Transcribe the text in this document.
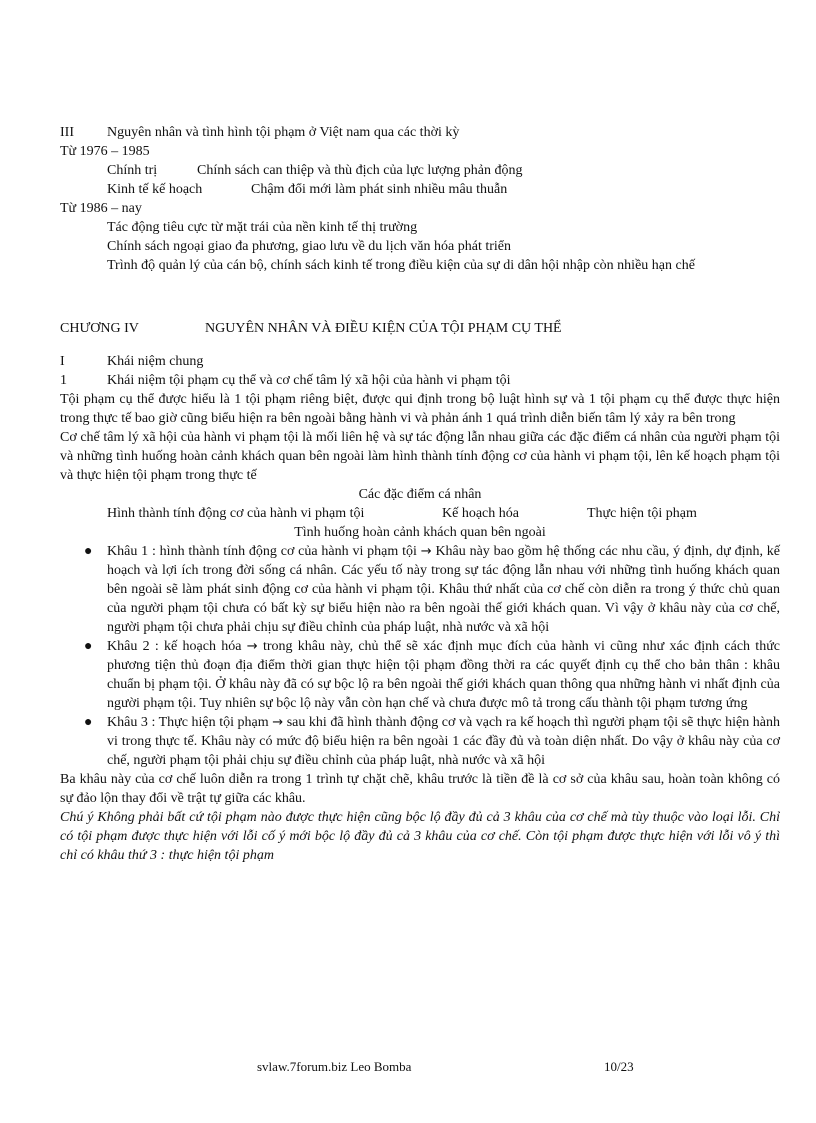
III	Nguyên nhân và tình hình tội phạm ở Việt nam qua các thời kỳ
Từ 1976 – 1985
Chính trị	Chính sách can thiệp và thù địch của lực lượng phản động
Kinh tế kế hoạch	Chậm đổi mới làm phát sinh nhiều mâu thuẫn
Từ 1986 – nay
Tác động tiêu cực từ mặt trái của nền kinh tế thị trường
Chính sách ngoại giao đa phương, giao lưu về du lịch văn hóa phát triển
Trình độ quản lý của cán bộ, chính sách kinh tế trong điều kiện của sự di dân hội nhập còn nhiều hạn chế
CHƯƠNG IV	NGUYÊN NHÂN VÀ ĐIỀU KIỆN CỦA TỘI PHẠM CỤ THỂ
I	Khái niệm chung
1	Khái niệm tội phạm cụ thể và cơ chế tâm lý xã hội của hành vi phạm tội
Tội phạm cụ thể được hiểu là 1 tội phạm riêng biệt, được qui định trong bộ luật hình sự và 1 tội phạm cụ thể được thực hiện trong thực tế bao giờ cũng biểu hiện ra bên ngoài bằng hành vi và phản ánh 1 quá trình diễn biến tâm lý xảy ra bên trong
Cơ chế tâm lý xã hội của hành vi phạm tội là mối liên hệ và sự tác động lẫn nhau giữa các đặc điểm cá nhân của người phạm tội và những tình huống hoàn cảnh khách quan bên ngoài làm hình thành tính động cơ của hành vi phạm tội, lên kế hoạch phạm tội và thực hiện tội phạm trong thực tế
Các đặc điểm cá nhân
Hình thành tính động cơ của hành vi phạm tội	Kế hoạch hóa	Thực hiện tội phạm
Tình huống hoàn cảnh khách quan bên ngoài
● Khâu 1 : hình thành tính động cơ của hành vi phạm tội → Khâu này bao gồm hệ thống các nhu cầu, ý định, dự định, kế hoạch và lợi ích trong đời sống cá nhân. Các yếu tố này trong sự tác động lẫn nhau với những tình huống khách quan bên ngoài sẽ làm phát sinh động cơ của hành vi phạm tội. Khâu thứ nhất của cơ chế còn diễn ra trong ý thức chủ quan của người phạm tội chưa có bất kỳ sự biểu hiện nào ra bên ngoài thế giới khách quan. Vì vậy ở khâu này của cơ chế, người phạm tội chưa phải chịu sự điều chỉnh của pháp luật, nhà nước và xã hội
● Khâu 2 : kế hoạch hóa → trong khâu này, chủ thể sẽ xác định mục đích của hành vi cũng như xác định cách thức phương tiện thủ đoạn địa điểm thời gian thực hiện tội phạm đồng thời ra các quyết định cụ thể cho bản thân : khâu chuẩn bị phạm tội. Ở khâu này đã có sự bộc lộ ra bên ngoài thế giới khách quan thông qua những hành vi nhất định của người phạm tội. Tuy nhiên sự bộc lộ này vẫn còn hạn chế và chưa được mô tả trong cấu thành tội phạm tương ứng
● Khâu 3 : Thực hiện tội phạm → sau khi đã hình thành động cơ và vạch ra kế hoạch thì người phạm tội sẽ thực hiện hành vi trong thực tế. Khâu này có mức độ biểu hiện ra bên ngoài 1 các đầy đủ và toàn diện nhất. Do vậy ở khâu này của cơ chế, người phạm tội phải chịu sự điều chỉnh của pháp luật, nhà nước và xã hội
Ba khâu này của cơ chế luôn diễn ra trong 1 trình tự chặt chẽ, khâu trước là tiền đề là cơ sở của khâu sau, hoàn toàn không có sự đảo lộn thay đổi về trật tự giữa các khâu.
Chú ý Không phải bất cứ tội phạm nào được thực hiện cũng bộc lộ đầy đủ cả 3 khâu của cơ chế mà tùy thuộc vào loại lỗi. Chỉ có tội phạm được thực hiện với lỗi cố ý mới bộc lộ đầy đủ cả 3 khâu của cơ chế. Còn tội phạm được thực hiện với lỗi vô ý thì chỉ có khâu thứ 3 : thực hiện tội phạm
svlaw.7forum.biz Leo Bomba	10/23
